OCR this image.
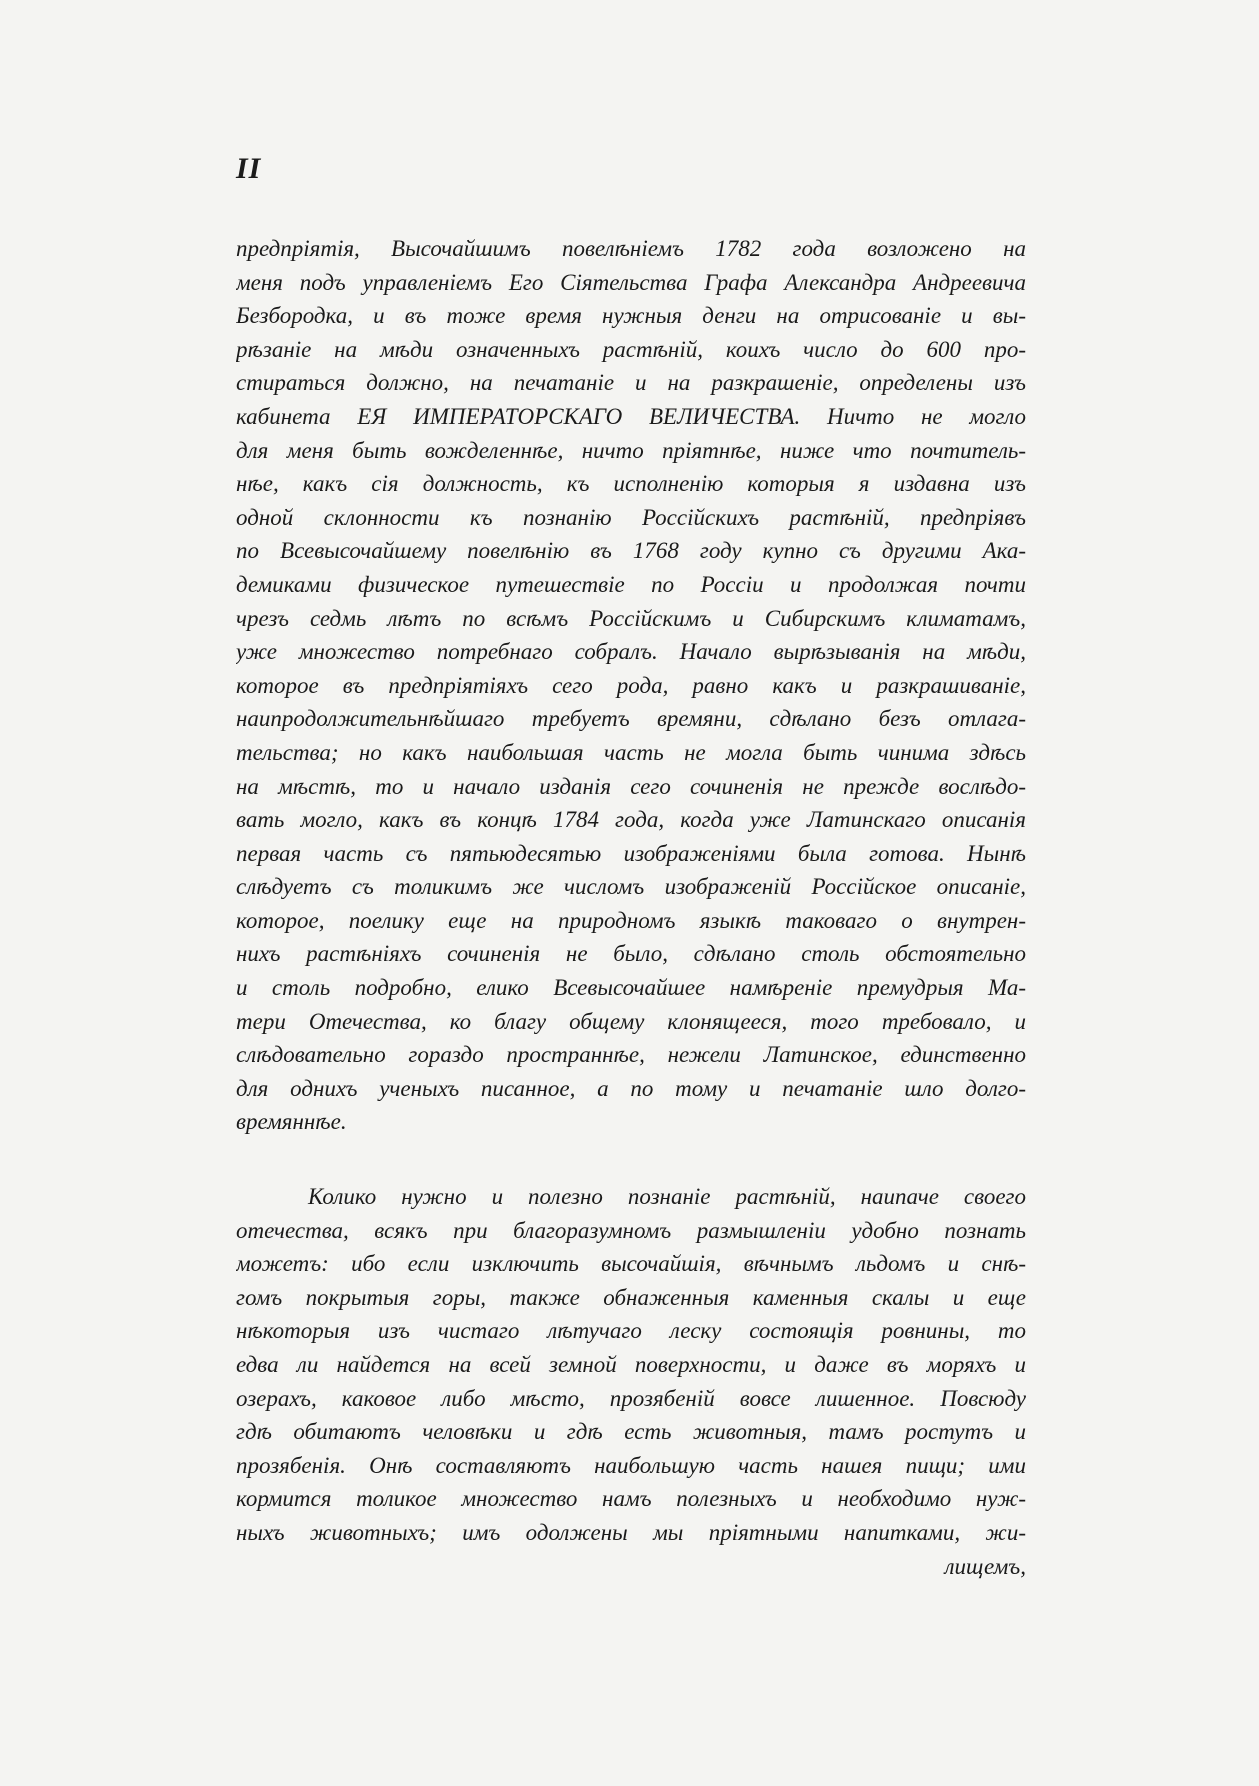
II

предпріятія, Высочайшимъ повелѣніемъ 1782 года возложено на
меня подъ управленіемъ Его Сіятельства Графа Александра Андреевича
Безбородка, и въ тоже время нужныя денги на отрисованіе и вы-
рѣзаніе на мѣди означенныхъ растѣній, коихъ число до 600 про-
стираться должно, на печатаніе и на разкрашеніе, определены изъ
кабинета ЕЯ ИМПЕРАТОРСКАГО ВЕЛИЧЕСТВА. Ничто не могло
для меня быть вожделеннѣе, ничто пріятнѣе, ниже что почтитель-
нѣе, какъ сія должность, къ исполненію которыя я издавна изъ
одной склонности къ познанію Россійскихъ растѣній, предпріявъ
по Всевысочайшему повелѣнію въ 1768 году купно съ другими Ака-
демиками физическое путешествіе по Россіи и продолжая почти
чрезъ седмь лѣтъ по всѣмъ Россійскимъ и Сибирскимъ климатамъ,
уже множество потребнаго собралъ. Начало вырѣзыванія на мѣди,
которое въ предпріятіяхъ сего рода, равно какъ и разкрашиваніе,
наипродолжительнѣйшаго требуетъ времяни, сдѣлано безъ отлага-
тельства; но какъ наибольшая часть не могла быть чинима здѣсь
на мѣстѣ, то и начало изданія сего сочиненія не прежде вослѣдо-
вать могло, какъ въ концѣ 1784 года, когда уже Латинскаго описанія
первая часть съ пятьюдесятью изображеніями была готова. Нынѣ
слѣдуетъ съ толикимъ же числомъ изображеній Россійское описаніе,
которое, поелику еще на природномъ языкѣ таковаго о внутрен-
нихъ растѣніяхъ сочиненія не было, сдѣлано столь обстоятельно
и столь подробно, елико Всевысочайшее намѣреніе премудрыя Ма-
тери Отечества, ко благу общему клонящееся, того требовало, и
слѣдовательно гораздо пространнѣе, нежели Латинское, единственно
для однихъ ученыхъ писанное, а по тому и печатаніе шло долго-
времяннѣе.
Колико нужно и полезно познаніе растѣній, наипаче своего
отечества, всякъ при благоразумномъ размышленіи удобно познать
можетъ: ибо если изключить высочайшія, вѣчнымъ льдомъ и снѣ-
гомъ покрытыя горы, также обнаженныя каменныя скалы и еще
нѣкоторыя изъ чистаго лѣтучаго леску состоящія ровнины, то
едва ли найдется на всей земной поверхности, и даже въ моряхъ и
озерахъ, каковое либо мѣсто, прозябеній вовсе лишенное. Повсюду
гдѣ обитаютъ человѣки и гдѣ есть животныя, тамъ ростутъ и
прозябенія. Онѣ составляютъ наибольшую часть нашея пищи; ими
кормится толикое множество намъ полезныхъ и необходимо нуж-
ныхъ животныхъ; имъ одолжены мы пріятными напитками, жи-
лищемъ,
